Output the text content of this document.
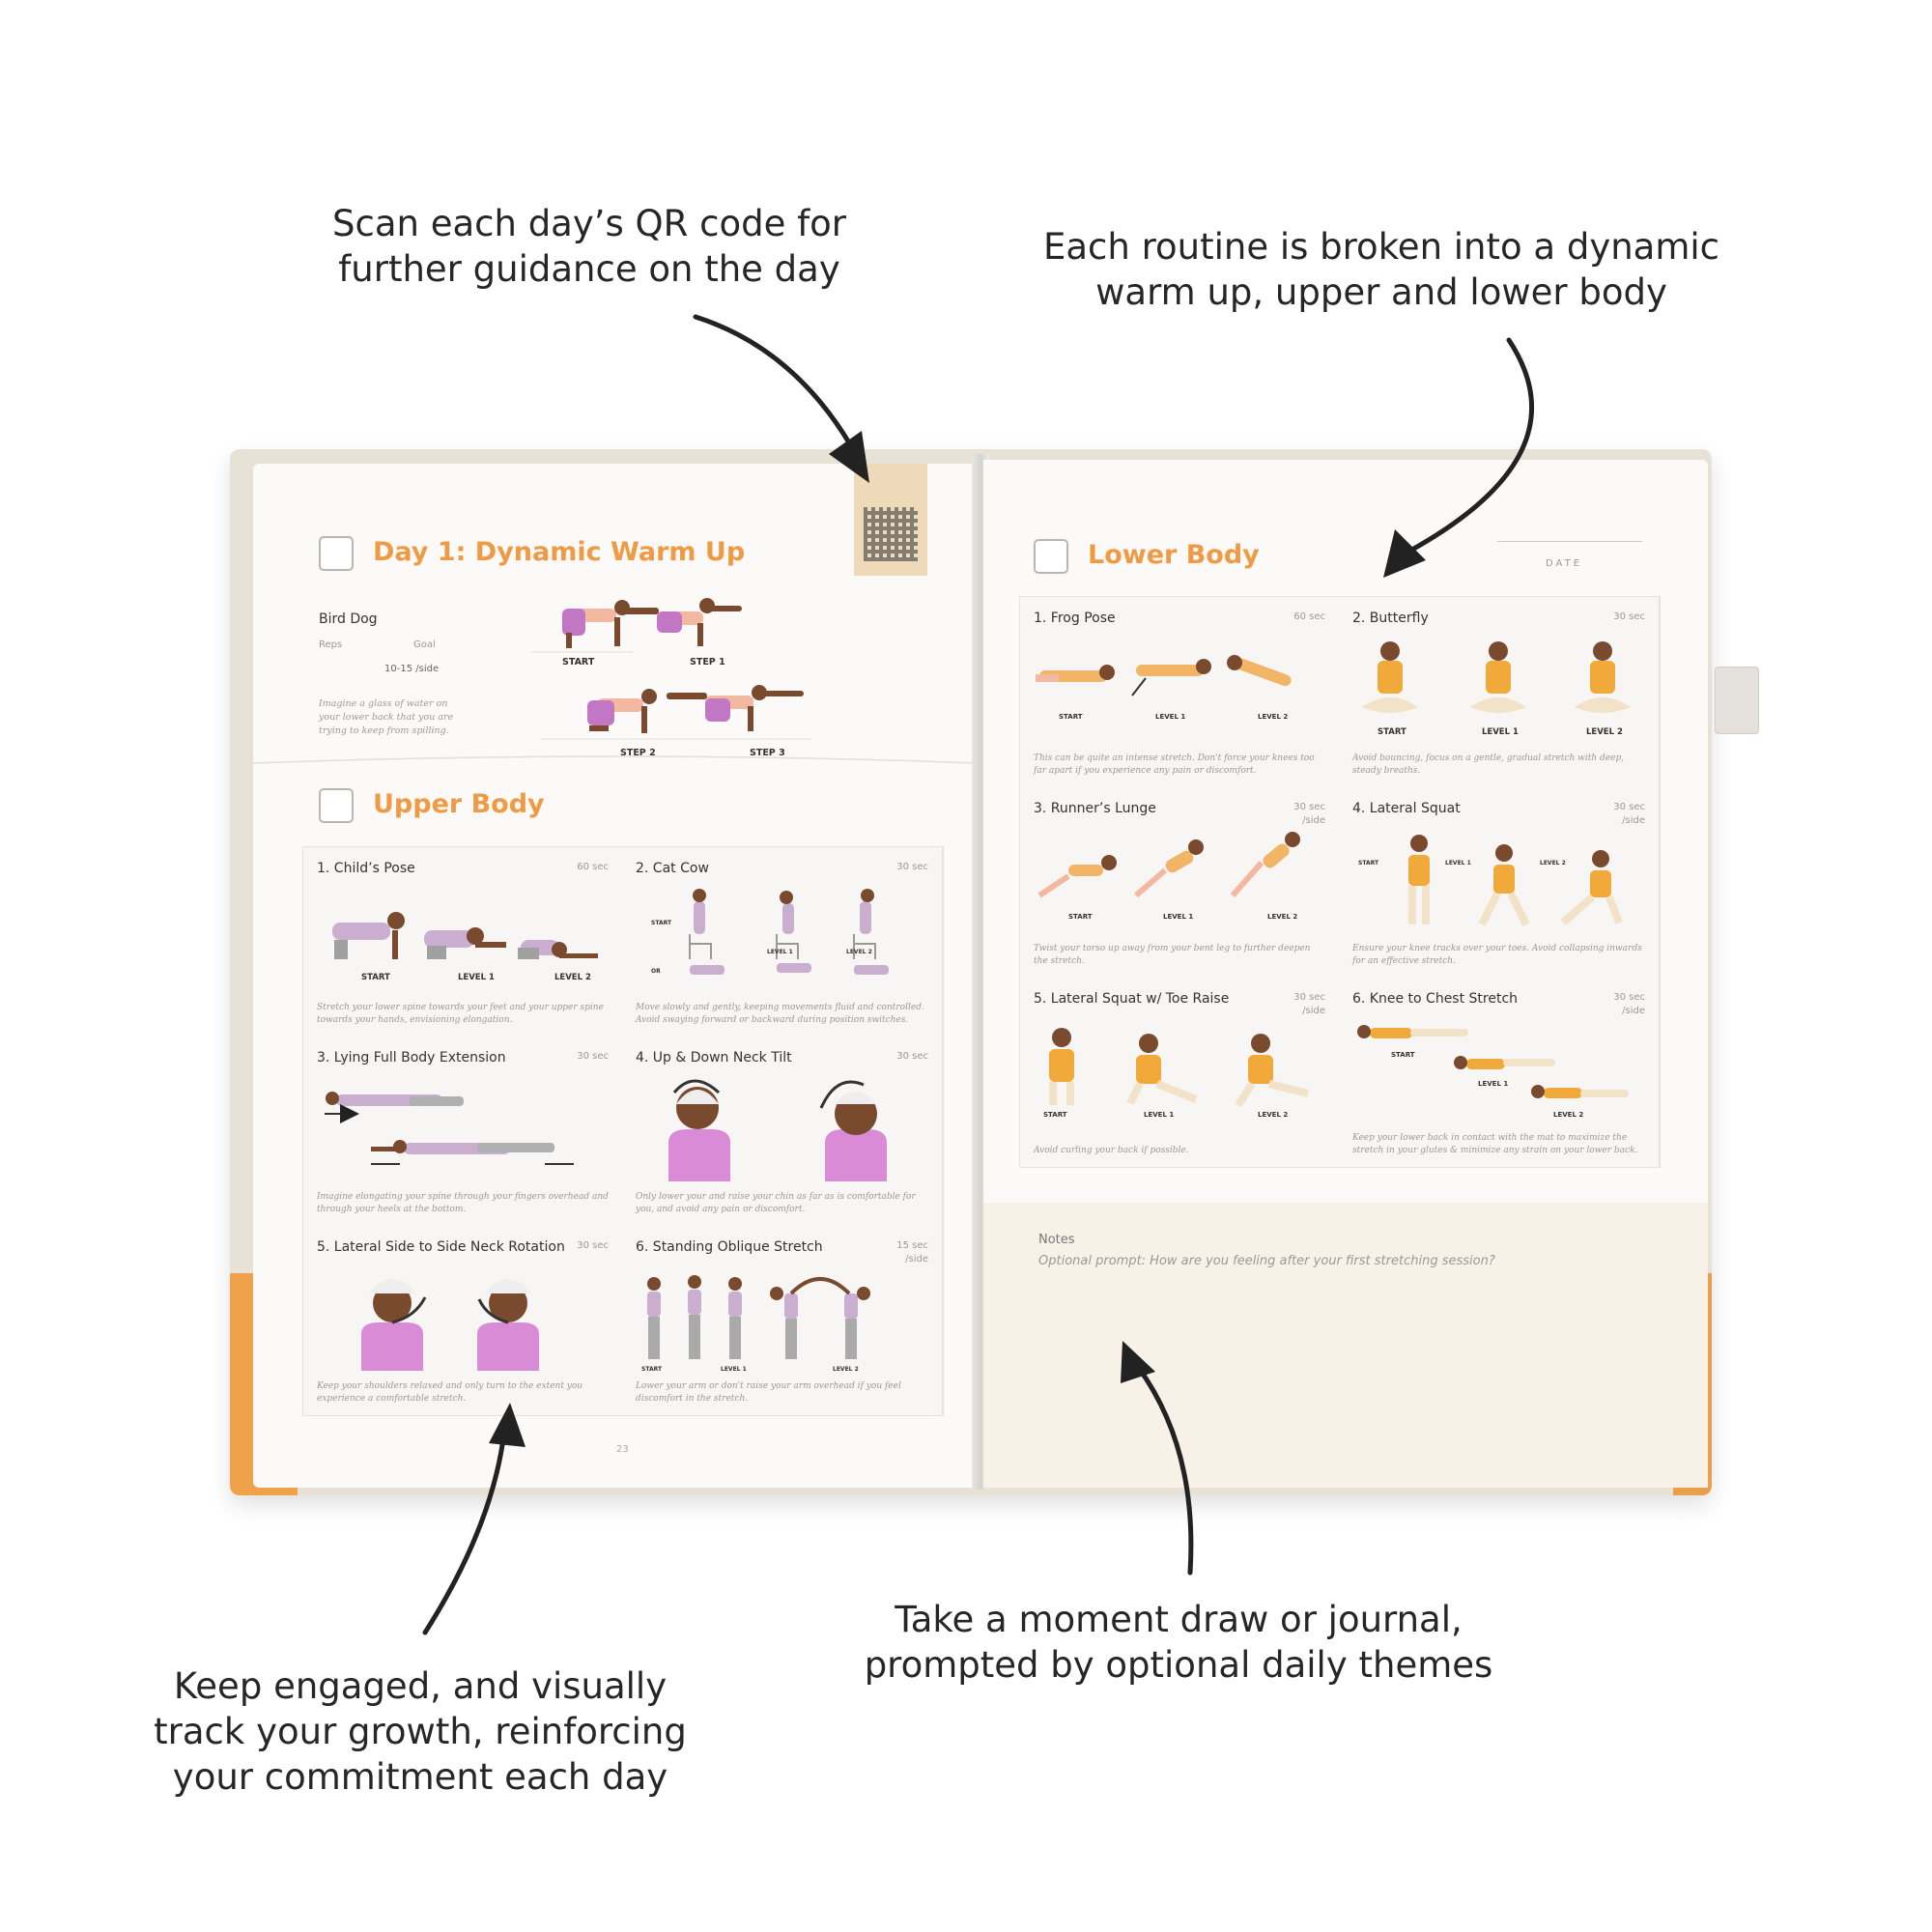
Scan each day’s QR code for
further guidance on the day
Each routine is broken into a dynamic
warm up, upper and lower body
Keep engaged, and visually
track your growth, reinforcing
your commitment each day
Take a moment draw or journal,
prompted by optional daily themes
Day 1: Dynamic Warm Up
Bird Dog
Reps	Goal
10-15 /side
Imagine a glass of water on your lower back that you are trying to keep from spilling.
START	STEP 1
STEP 2	STEP 3
Upper Body
1. Child’s Pose	60 sec
START	LEVEL 1	LEVEL 2
Stretch your lower spine towards your feet and your upper spine towards your hands, envisioning elongation.
2. Cat Cow	30 sec
START
OR
LEVEL 1	LEVEL 2
Move slowly and gently, keeping movements fluid and controlled. Avoid swaying forward or backward during position switches.
3. Lying Full Body Extension	30 sec
Imagine elongating your spine through your fingers overhead and through your heels at the bottom.
4. Up & Down Neck Tilt	30 sec
Only lower your and raise your chin as far as is comfortable for you, and avoid any pain or discomfort.
5. Lateral Side to Side Neck Rotation 30 sec
Keep your shoulders relaxed and only turn to the extent you experience a comfortable stretch.
6. Standing Oblique Stretch	15 sec /side
START	LEVEL 1	LEVEL 2
Lower your arm or don't raise your arm overhead if you feel discomfort in the stretch.
23
Lower Body	DATE
1. Frog Pose	60 sec
START	LEVEL 1	LEVEL 2
This can be quite an intense stretch. Don't force your knees too far apart if you experience any pain or discomfort.
2. Butterfly	30 sec
START	LEVEL 1	LEVEL 2
Avoid bouncing, focus on a gentle, gradual stretch with deep, steady breaths.
3. Runner’s Lunge	30 sec /side
START	LEVEL 1	LEVEL 2
Twist your torso up away from your bent leg to further deepen the stretch.
4. Lateral Squat	30 sec /side
START	LEVEL 1	LEVEL 2
Ensure your knee tracks over your toes. Avoid collapsing inwards for an effective stretch.
5. Lateral Squat w/ Toe Raise	30 sec /side
START	LEVEL 1	LEVEL 2
Avoid curling your back if possible.
6. Knee to Chest Stretch	30 sec /side
START
LEVEL 1
LEVEL 2
Keep your lower back in contact with the mat to maximize the stretch in your glutes & minimize any strain on your lower back.
Notes
Optional prompt: How are you feeling after your first stretching session?
